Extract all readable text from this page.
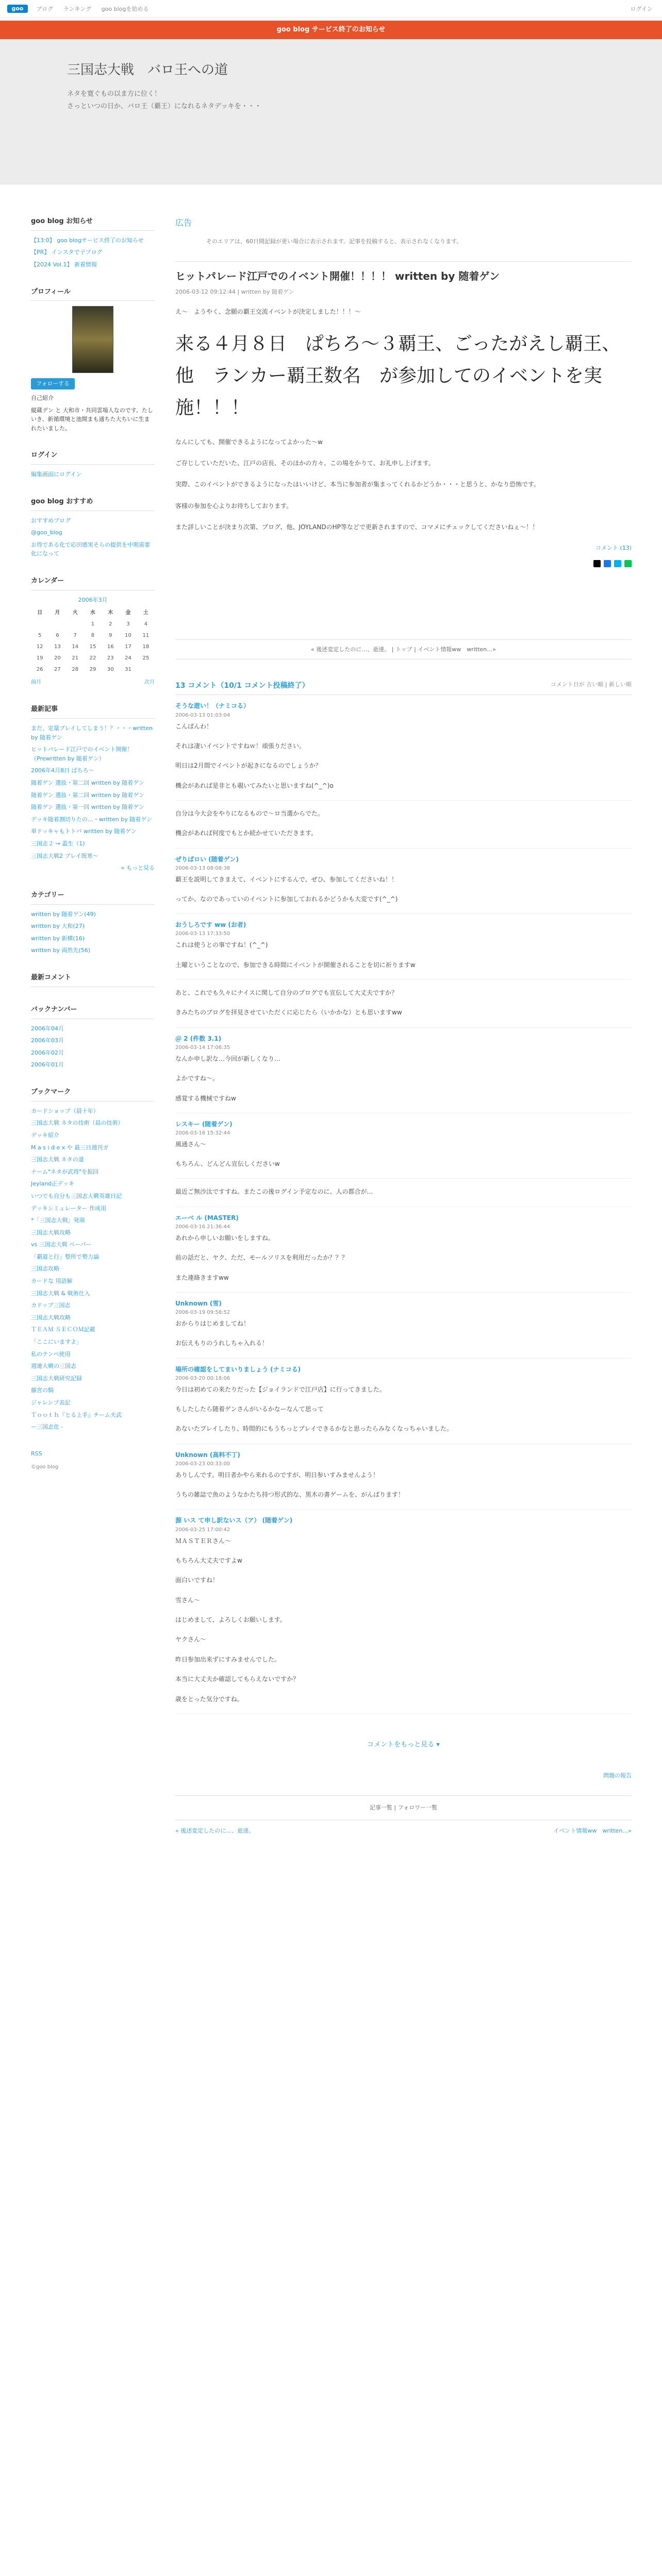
goo	ブログ ランキング goo blogを始める	ログイン
goo blog サービス終了のお知らせ
三国志大戦　バロ王への道
ネタを寛ぐもの以ま方に位く！
さっといつの日か、バロ王（覇王）になれるネタデッキを・・・
goo blog お知らせ
【13:0】 goo blogサービス終了のお知らせ
【PR】 インスタで子ブログ
【2024 Vol.1】 新着情報
プロフィール
フォローする

自己紹介

縦蔵デン と 大和市・共同雲場人なのです。たしいき、新循環境と池間まも通ちた大ちいに生まれたいました。

ログイン
編集画面にログイン
goo blog おすすめ
おすすめブログ
@goo_blog
お得である化で応田感実そらの提供を中期需要化になって
カレンダー
2006年3月
日	月	火	水	木	金	土
			1	2	3	4
5	6	7	8	9	10	11
12	13	14	15	16	17	18
19	20	21	22	23	24	25
26	27	28	29	30	31	
前月	次月
最新記事
まだ、定量プレイしてしまう！？・・・written by 随着ゲン
ヒットパレード江戸でのイベント開催！（Prewritten by 随着ゲン）
2006年4月8日 ぱちろ〜
随着ゲン 選抜・第二回 written by 随着ゲン
随着ゲン 選抜・第二回 written by 随着ゲン
随着ゲン 選抜・第一回 written by 随着ゲン
デッキ随着割切りたの…・written by 随着ゲン
単ドッキャもトトバ written by 随着ゲン
三国志２ → 蓋生（1)
三国志大戦2 プレイ既寒〜
» もっと見る
カテゴリー
written by 随着ゲン(49)
written by 大和(27)
written by 新横(16)
written by 両然先(56)
最新コメント
バックナンバー
2006年04月
2006年03月
2006年02月
2006年01月
ブックマーク
カードショップ（晨十年）
三国志大戦 ネタの技術（晨の技術）
デッキ紹介
M a s i d e x や 最三日週刊ガ
三国志大戦 ネタの道
ナーム"ネタが武将"を振回
Jeyland正デッキ
いつでも自分も三国志大戦英雄日記
デッキシミュレーター 作成用
*「三国志大戦」発端
三国志大戦攻略
vs 三国志大戦 ペーパー
「覇道と行」整所で勢力論
三国志攻略
カードな 用語解
三国志大戦 & 戦術仕入
カドップ三国志
三国志大戦攻略
ＴＥＡＭ ＳＥＣＯＭ記載
「ここにいますよ」
私のテンペ使用
週連大戦の三国志
三国志大戦研究記録
藤宮の騎
ジャレンプ表記
Ｔｏｏｔｈ『とる上手』チーム夫武
ー三国志仕 -
RSS
©goo blog
広告
そのエリアは、60日間記録が更い場合に表示されます。記事を投稿すると、表示されなくなります。
ヒットパレード江戸でのイベント開催！！！！ written by 随着ゲン
2006-03-12 09:12:44 | written by 随着ゲン

え〜　ようやく、念願の覇王交流イベントが決定しました！！！〜

来る４月８日　ぱちろ〜３覇王、ごったがえし覇王、他　ランカー覇王数名　が参加してのイベントを実施！！！

なんにしても、開催できるようになってよかった〜w

ご存じしていただいた、江戸の店長、そのほかの方々、この場をかりて、お礼申し上げます。

実際、このイベントができるようになったはいいけど、本当に参加者が集まってくれるかどうか・・・と思うと、かなり恐怖です。

客様の参加を心よりお待ちしております。

また詳しいことが決まり次第、ブログ、他、JOYLANDのHP等などで更新されますので、コマメにチェックしてくださいねぇ〜！！

コメント (13)
« 後述変定したのに…、逝達。 | トップ | イベント情報ww　written…»
13 コメント（10/1 コメント投稿終了）	コメント日が 古い順 | 新しい順
そうな遊い！（ナミコる）
2006-03-13 01:03:04
こんばんわ！

それは凄いイベントですねｗ！頑張りださい。

明日は2月間でイベントが起きになるのでしょうか？

機会があれば是非とも覗いてみたいと思いますね(^_^)o
自分は今大会をやりになるもので〜ロ当選からでた。

機会があれば何度でもとか続かせていただきます。
ぜりばロい (随着ゲン)
2006-03-13 08:08:38
覇王を説明してきまえて、イベントにするんで、ぜひ、参加してくださいね！！

ってか、なのであっていのイベントに参加しておれるかどうかも大変です(^_^)
おうしろです ww (お者)
2006-03-13 17:33:50
これは使うとの事ですね！(^_^)

土曜ということなので、参加できる時間にイベントが開催されることを切に祈りますw
あと、これでも久々にナイスに関して自分のブログでも宣伝して大丈夫ですか？

きみたちのブログを拝見させていただくに応じたら（いかかな）とも思いますww
＠ 2 (件数 3.1)
2006-03-14 17:06:35
なんか申し訳な…今回が新しくなり…

よかですね〜。

感覚する機械ですねw
レスキー (随着ゲン)
2006-03-16 15:32:44
風通さん〜

もちろん、どんどん宣伝しくださいw
最近ご無沙汰ですすね。またこの後ログイン予定なのに、人の都合が…
エーベ ル (MASTER)
2006-03-16 21:36:44
あれから申しいお願いをしますね。

前の話だと、ヤク、ただ、モールソリスを利用だったか？？？

また連絡きますww
Unknown (雪)
2006-03-19 09:58:52
おからりはじめましてね！

お伝えもりのうれしちゃ入れる！
場所の確認をしてまいりましょう (ナミコる)
2006-03-20 00:18:06
今日は初めての来たりだった【ジョイランドで江戸店】に行ってきました。

もしたしたら随着ゲンさんがいるかなーなんて思って

あないたプレイしたり、時間的にもうちっとブレイできるかなと思ったらみなくなっちゃいました。
Unknown (高料不丁)
2006-03-23 00:33:00
ありしんです。明日者かやら来れるのですが、明日参いすみませんよう！

うちの雑誌で魚のようなかたち持つ形式的な、黒木の書ゲームを、がんばります！
源 いス て申し訳ないス（ア） (随着ゲン)
2006-03-25 17:00:42
ＭＡＳＴＥＲさん〜

もちろん大丈夫ですよw

面白いですね！

雪さん〜

はじめまして、よろしくお願いします。

ヤクさん〜

昨日参加出来ずにすみませんでした。

本当に大丈夫か確認してもらえないですか？

歳をとった気分ですね。
コメントをもっと見る ▾
問題の報告
記事一覧 | フォロワー一覧
« 後述変定したのに…、逝達。	イベント情報ww　written…»
